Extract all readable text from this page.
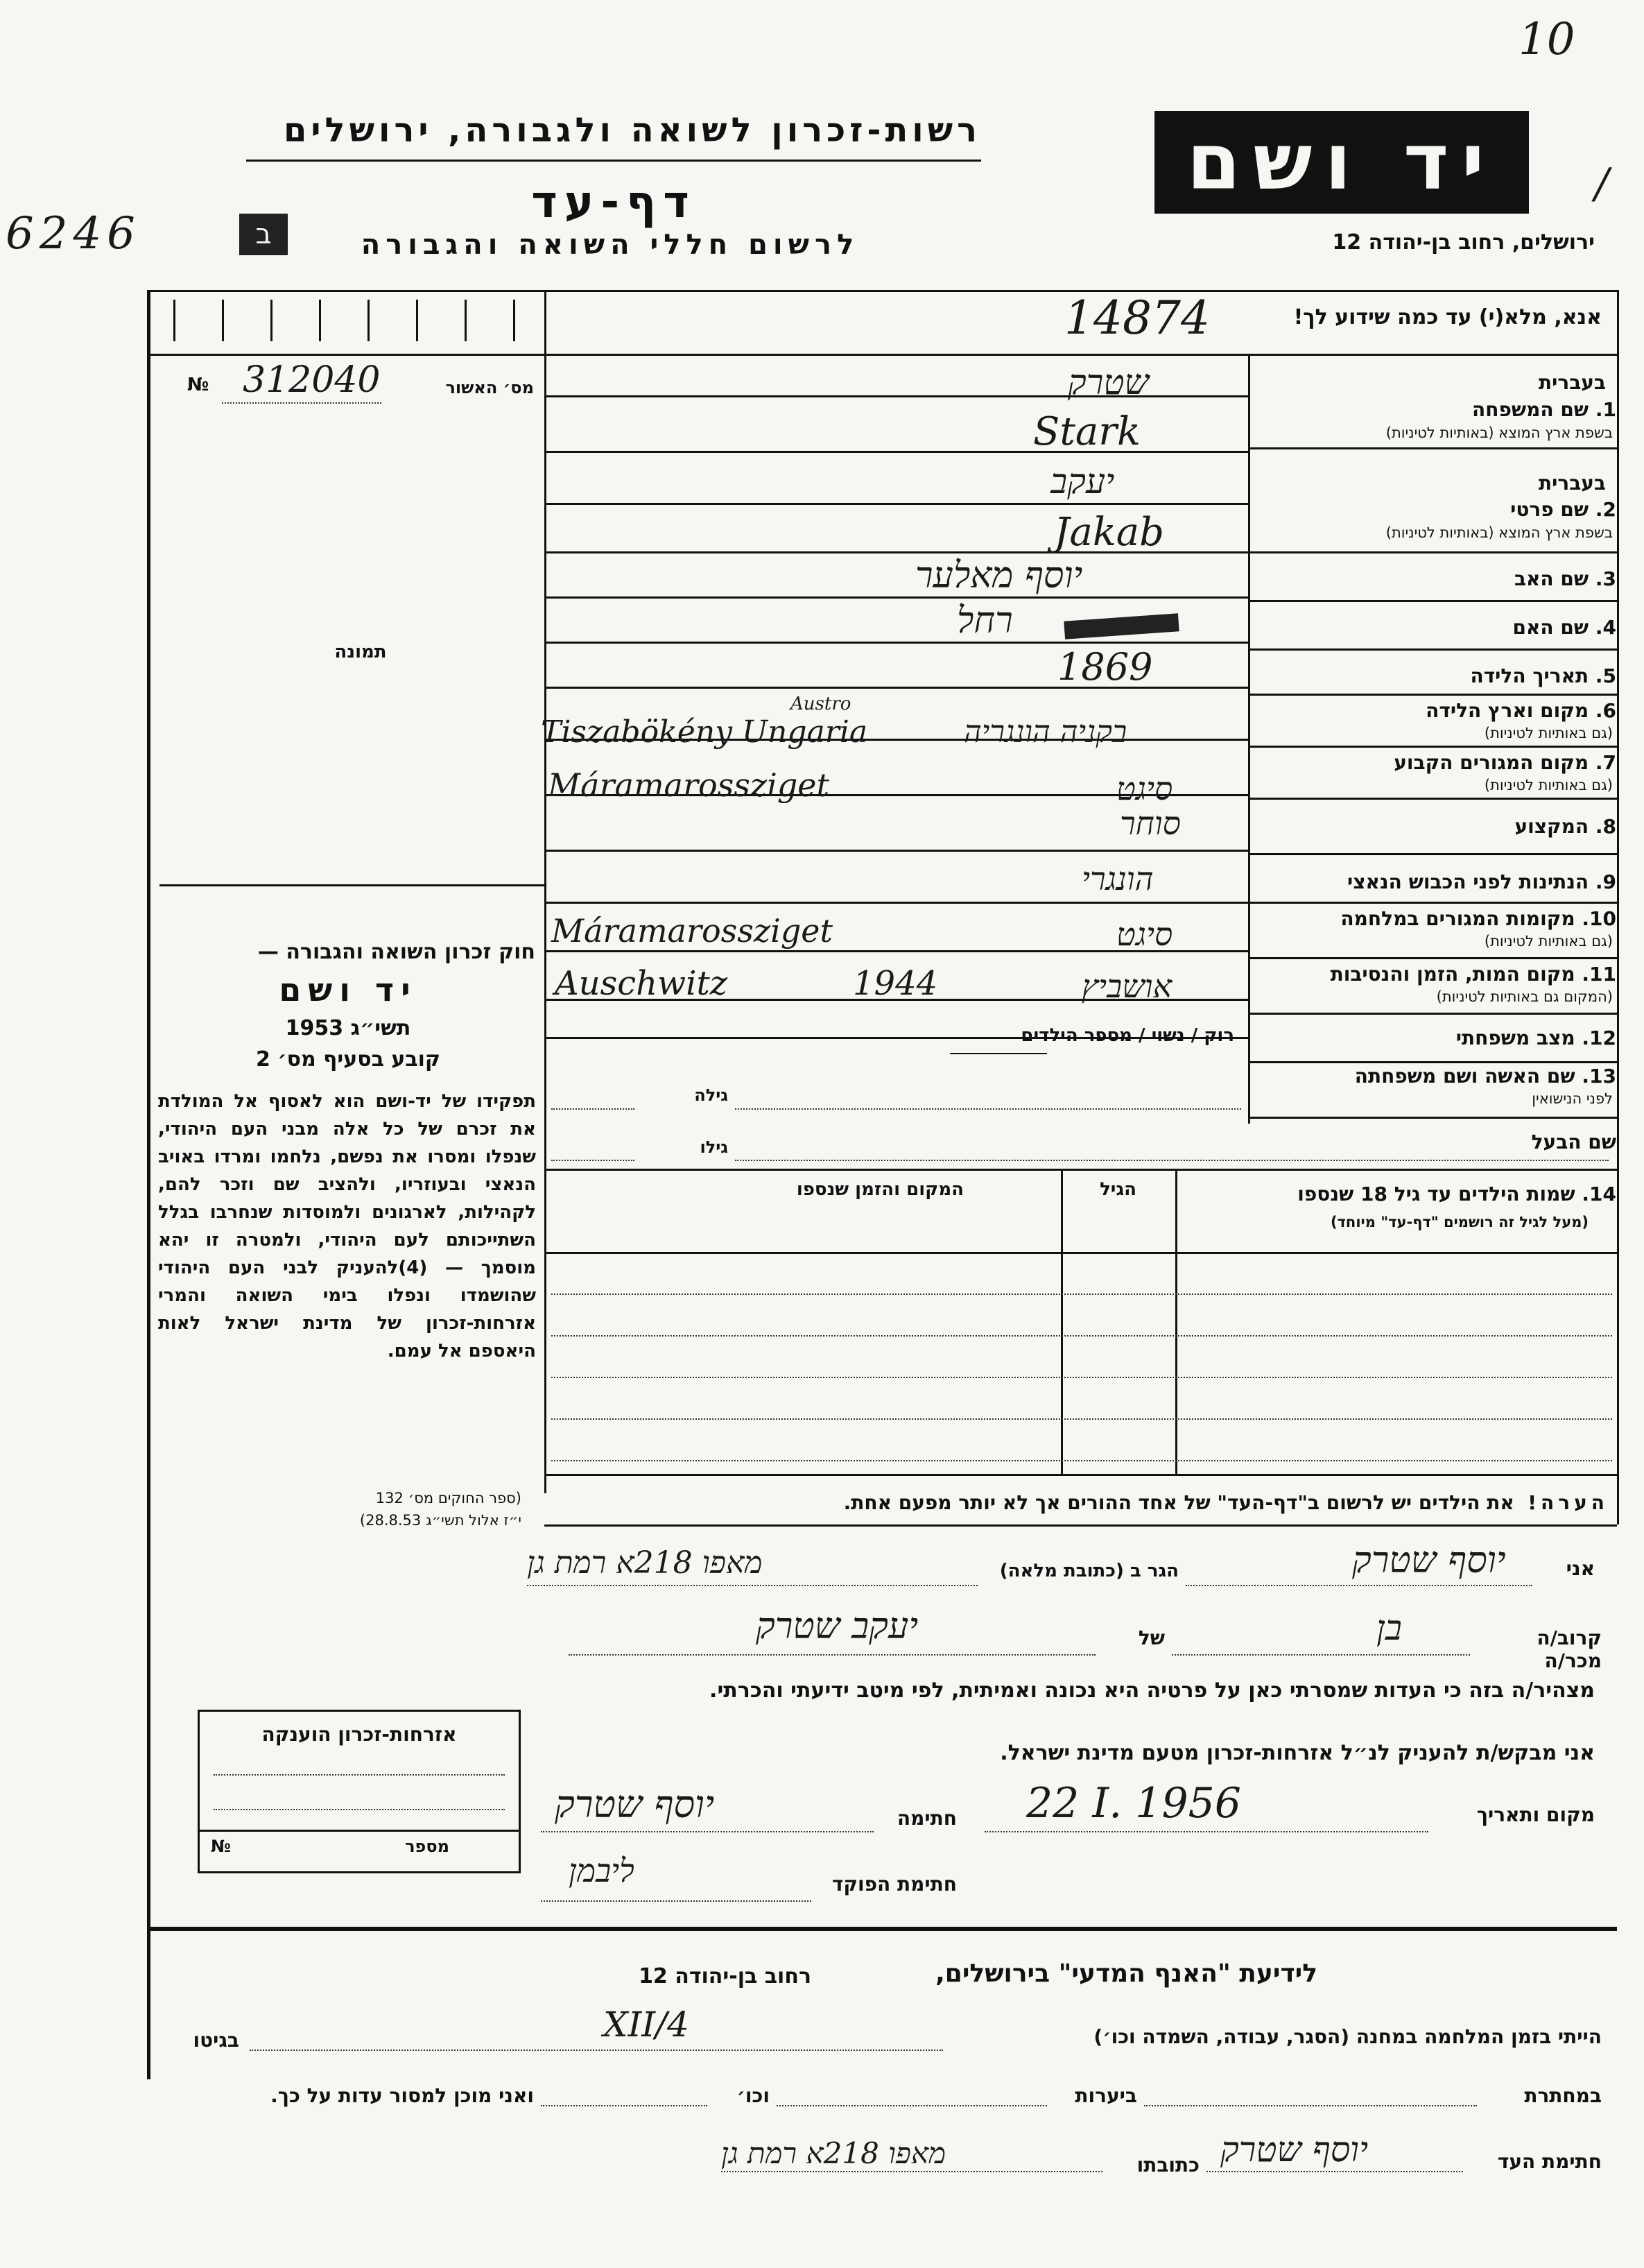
10
/
6246	ב
רשות-זכרון לשואה ולגבורה, ירושלים
דף-עד
לרשום חללי השואה והגבורה
יד ושם
ירושלים, רחוב בן-יהודה 12
אנא, מלא(י) עד כמה שידוע לך!
14874
№ 312040	מס׳ האשור
תמונה
בעברית
1. שם המשפחה
בשפת ארץ המוצא (באותיות לטיניות)
שטרק
Stark
בעברית
2. שם פרטי
בשפת ארץ המוצא (באותיות לטיניות)
יעקב
Jakab
3. שם האב
יוסף מאלער
4. שם האם
רחל
5. תאריך הלידה
1869
6. מקום וארץ הלידה
(גם באותיות לטיניות)
Austro
Tiszabökény Ungaria	בקניה הונגריה
7. מקום המגורים הקבוע
(גם באותיות לטיניות)
Máramarossziget	סיגט
8. המקצוע
סוחר
9. הנתינות לפני הכבוש הנאצי
הונגרי
10. מקומות המגורים במלחמה
(גם באותיות לטיניות)
Máramarossziget	סיגט
11. מקום המות, הזמן והנסיבות
(המקום גם באותיות לטיניות)
Auschwitz	1944	אושביץ
12. מצב משפחתי
רוק / נשוי / מספר הילדים
13. שם האשה ושם משפחתה
לפני הנישואין
גילה
שם הבעל
גילו
14. שמות הילדים עד גיל 18 שנספו
(מעל לגיל זה רושמים "דף-עד" מיוחד)
הגיל
המקום והזמן שנספו
הערה!  את הילדים יש לרשום ב"דף-העד" של אחד ההורים אך לא יותר מפעם אחת.
חוק זכרון השואה והגבורה —
יד ושם
תשי״ג 1953
קובע בסעיף מס׳ 2
תפקידו של יד-ושם הוא לאסוף אל המולדת את זכרם של כל אלה מבני העם היהודי, שנפלו ומסרו את נפשם, נלחמו ומרדו באויב הנאצי ובעוזריו, ולהציב שם וזכר להם, לקהילות, לארגונים ולמוסדות שנחרבו בגלל השתייכותם לעם היהודי, ולמטרה זו יהא מוסמך — (4)להעניק לבני העם היהודי שהושמדו ונפלו בימי השואה והמרי אזרחות-זכרון של מדינת ישראל לאות היאספם אל עמם.
(ספר החוקים מס׳ 132
י״ז אלול תשי״ג 28.8.53)
אני
יוסף שטרק
הגר ב (כתובת מלאה)
מאפו 218א רמת גן
קרוב/ה מכר/ה
בן
של
יעקב שטרק
מצהיר/ה בזה כי העדות שמסרתי כאן על פרטיה היא נכונה ואמיתית, לפי מיטב ידיעתי והכרתי.
אני מבקש/ת להעניק לנ״ל אזרחות-זכרון מטעם מדינת ישראל.
מקום ותאריך
22 I. 1956
חתימה
יוסף שטרק
חתימת הפוקד
ליבמן
אזרחות-זכרון הוענקה
№	מספר
לידיעת "האנף המדעי" בירושלים,
רחוב בן-יהודה 12
הייתי בזמן המלחמה במחנה (הסגר, עבודה, השמדה וכו׳)
XII/4
בגיטו
במחתרת
ביערות
וכו׳
ואני מוכן למסור עדות על כך.
חתימת העד
יוסף שטרק
כתובתו
מאפו 218א רמת גן
